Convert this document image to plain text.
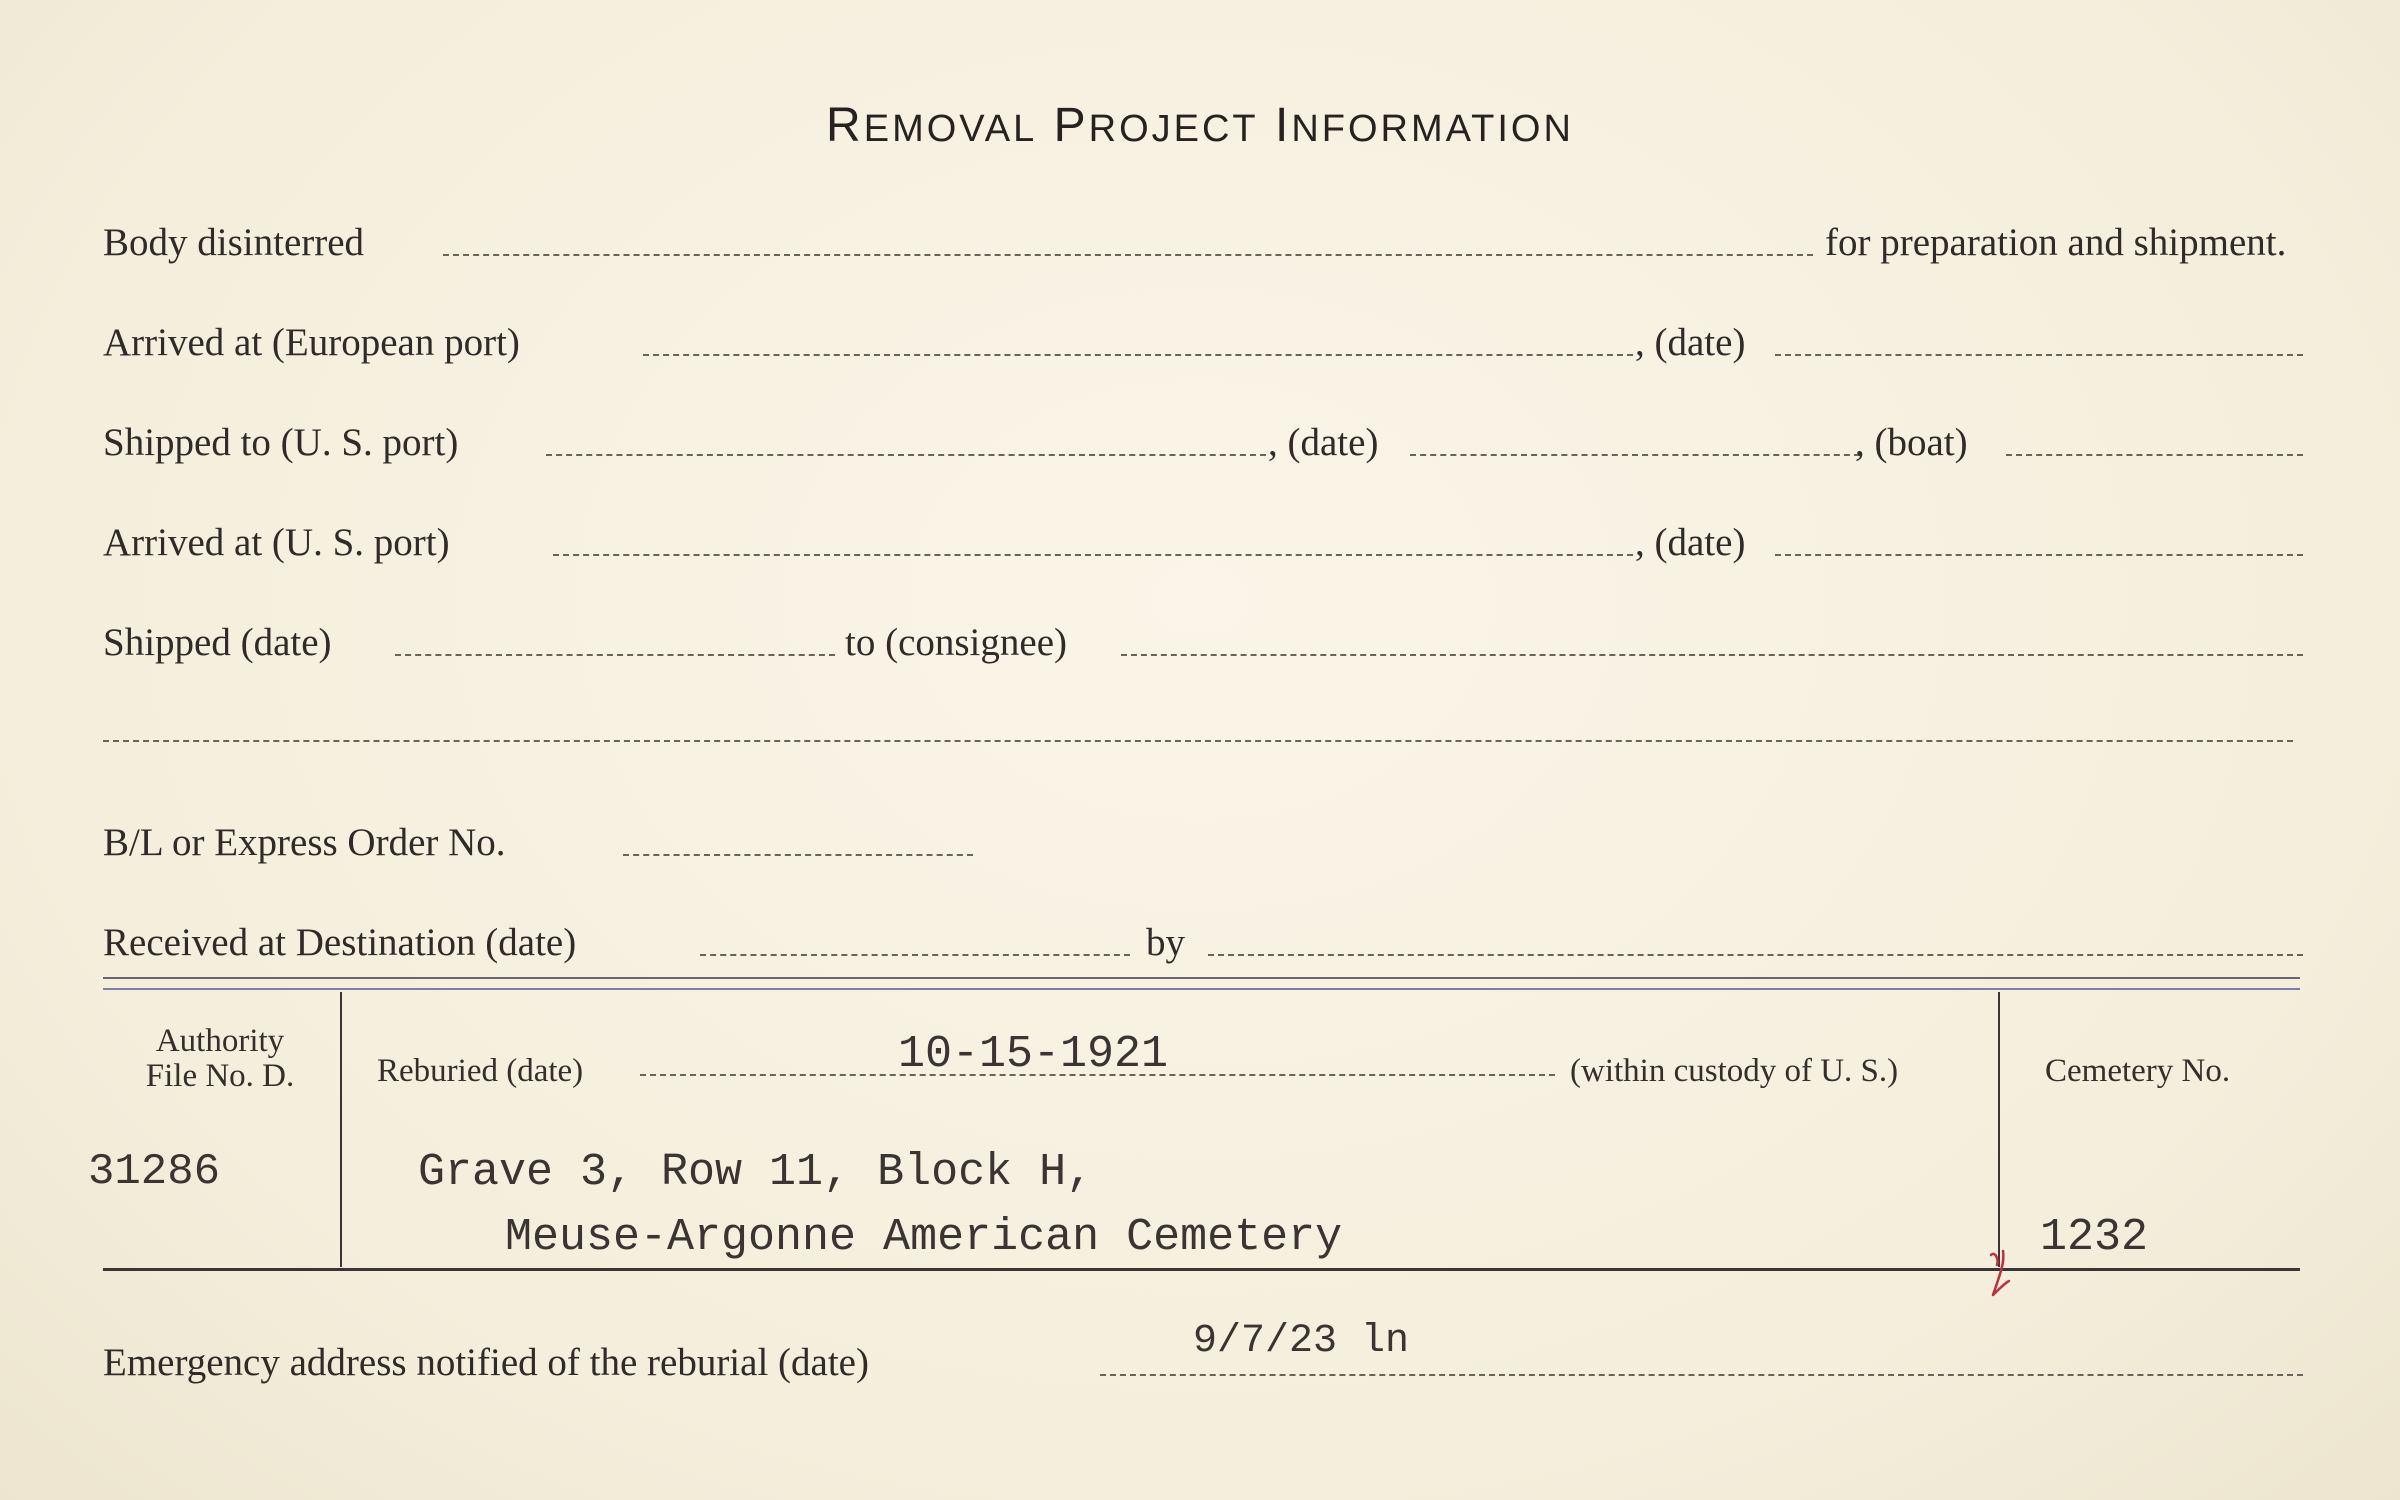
REMOVAL PROJECT INFORMATION
Body disinterred	for preparation and shipment.
Arrived at (European port)	, (date)
Shipped to (U. S. port)	, (date)	, (boat)
Arrived at (U. S. port)	, (date)
Shipped (date)	to (consignee)
B/L or Express Order No.
Received at Destination (date)	by
Authority
File No. D.
31286
Reburied (date)	10-15-1921	(within custody of U. S.)
Grave 3, Row 11, Block H,
Meuse-Argonne American Cemetery
Cemetery No.
1232
Emergency address notified of the reburial (date)	9/7/23 ln
